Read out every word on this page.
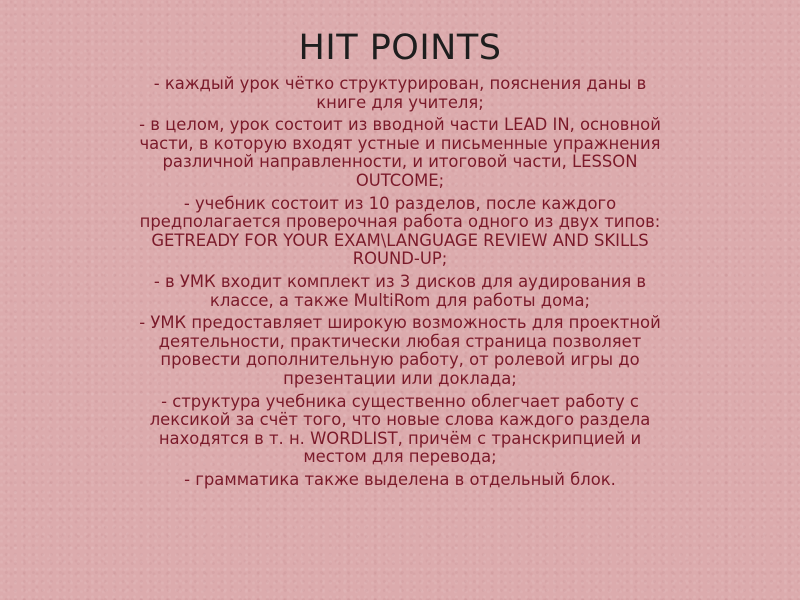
HIT POINTS
- каждый урок чётко структурирован, пояснения даны в книге для учителя;
- в целом, урок состоит из вводной части LEAD IN, основной части, в которую входят устные и письменные упражнения различной направленности, и итоговой части, LESSON OUTCOME;
- учебник состоит из 10 разделов, после каждого предполагается проверочная работа одного из двух типов: GETREADY FOR YOUR EXAM\LANGUAGE REVIEW AND SKILLS ROUND-UP;
- в УМК входит комплект из 3 дисков для аудирования в классе, а также MultiRom для работы дома;
- УМК предоставляет широкую возможность для проектной деятельности, практически любая страница позволяет провести дополнительную работу, от ролевой игры до презентации или доклада;
- структура учебника существенно облегчает работу с лексикой за счёт того, что новые слова каждого раздела находятся в т. н. WORDLIST, причём с транскрипцией и местом для перевода;
- грамматика также выделена в отдельный блок.
